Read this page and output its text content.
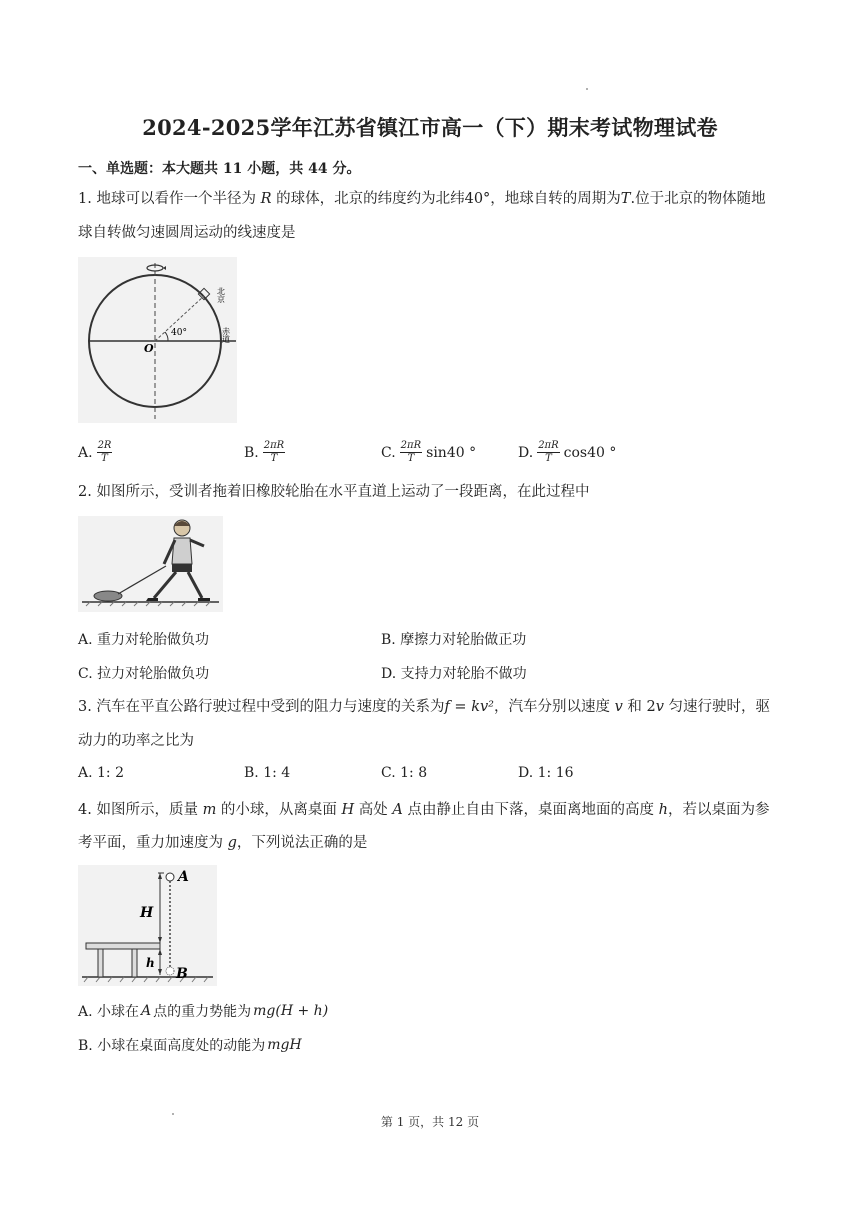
2024-2025学年江苏省镇江市高一（下）期末考试物理试卷
一、单选题：本大题共 11 小题，共 44 分。
1. 地球可以看作一个半径为 R 的球体，北京的纬度约为北纬40°，地球自转的周期为T.位于北京的物体随地
球自转做匀速圆周运动的线速度是
40°
O
北京
赤道
A. $\frac{2R}{T}$	B. $\frac{2\pi R}{T}$	C. $\frac{2\pi R}{T} \sin 40$ °	D. $\frac{2\pi R}{T} \cos 40$ °
2. 如图所示，受训者拖着旧橡胶轮胎在水平直道上运动了一段距离，在此过程中
A. 重力对轮胎做负功	B. 摩擦力对轮胎做正功
C. 拉力对轮胎做负功	D. 支持力对轮胎不做功
3. 汽车在平直公路行驶过程中受到的阻力与速度的关系为f = kv²，汽车分别以速度 v 和 2v 匀速行驶时，驱
动力的功率之比为
A. 1: 2	B. 1: 4	C. 1: 8	D. 1: 16
4. 如图所示，质量 m 的小球，从离桌面 H 高处 A 点由静止自由下落，桌面离地面的高度 h，若以桌面为参
考平面，重力加速度为 g，下列说法正确的是
A
B
H
h
A. 小球在 A 点的重力势能为 mg(H + h)
B. 小球在桌面高度处的动能为 mgH
第 1 页，共 12 页
